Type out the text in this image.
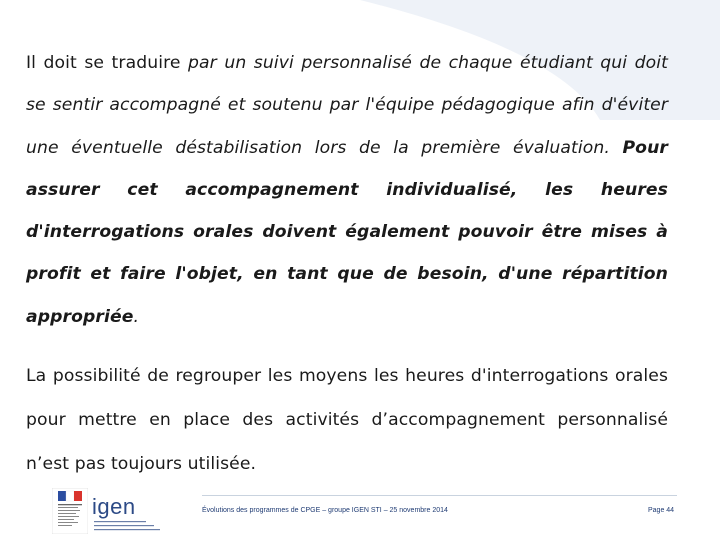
Il doit se traduire par un suivi personnalisé de chaque étudiant qui doit se sentir accompagné et soutenu par l'équipe pédagogique afin d'éviter une éventuelle déstabilisation lors de la première évaluation. Pour assurer cet accompagnement individualisé, les heures d'interrogations orales doivent également pouvoir être mises à profit et faire l'objet, en tant que de besoin, d'une répartition appropriée.

La possibilité de regrouper les moyens les heures d'interrogations orales pour mettre en place des activités d’accompagnement personnalisé n’est pas toujours utilisée.

igen	Évolutions des programmes de CPGE – groupe IGEN STI – 25 novembre 2014	Page 44
